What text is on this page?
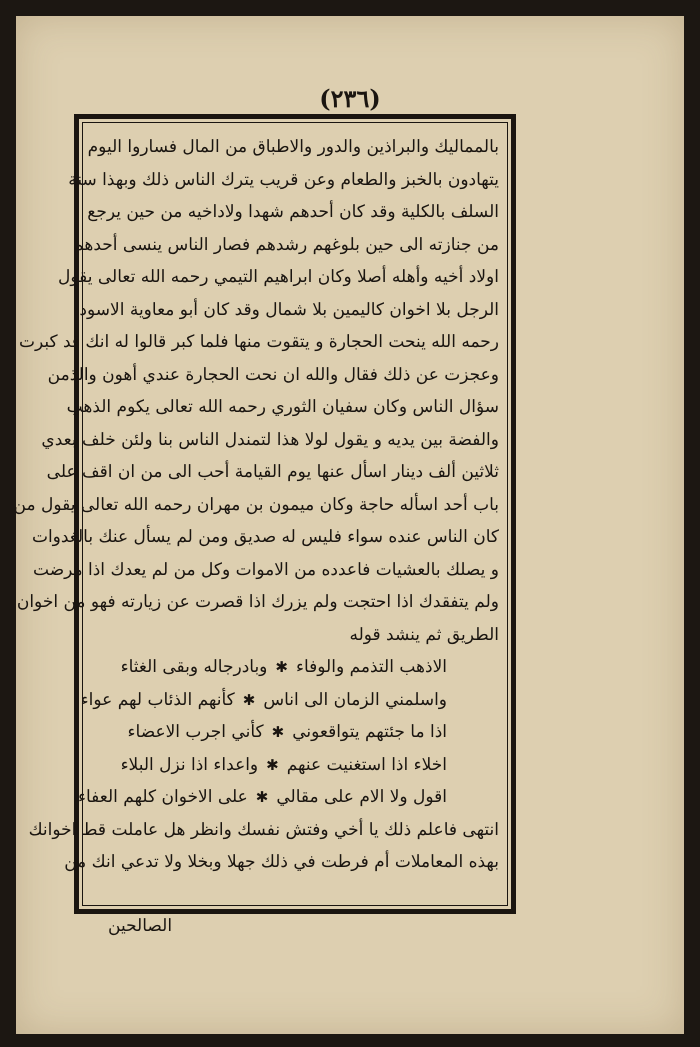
(٢٣٦)
بالمماليك والبراذين والدور والاطباق من المال فساروا اليوم
يتهادون بالخبز والطعام وعن قريب يترك الناس ذلك وبهذا سنة
السلف بالكلية وقد كان أحدهم شهدا ولاداخيه من حين يرجع
من جنازته الى حين بلوغهم رشدهم فصار الناس ينسى أحدهم
اولاد أخيه وأهله أصلا وكان ابراهيم التيمي رحمه الله تعالى يقول
الرجل بلا اخوان كاليمين بلا شمال وقد كان أبو معاوية الاسود
رحمه الله ينحت الحجارة و يتقوت منها فلما كبر قالوا له انك قد كبرت
وعجزت عن ذلك فقال والله ان نحت الحجارة عندي أهون والذمن
سؤال الناس وكان سفيان الثوري رحمه الله تعالى يكوم الذهب
والفضة بين يديه و يقول لولا هذا لتمندل الناس بنا ولئن خلف بعدي
ثلاثين ألف دينار اسأل عنها يوم القيامة أحب الى من ان اقف على
باب أحد اسأله حاجة وكان ميمون بن مهران رحمه الله تعالى يقول من
كان الناس عنده سواء فليس له صديق ومن لم يسأل عنك بالغدوات
و يصلك بالعشيات فاعدده من الاموات وكل من لم يعدك اذا مرضت
ولم يتفقدك اذا احتجت ولم يزرك اذا قصرت عن زيارته فهو من اخوان
الطريق ثم ينشد قوله
الاذهب التذمم والوفاء
✱
وبادرجاله وبقى الغثاء
واسلمني الزمان الى اناس
✱
كأنهم الذئاب لهم عواء
اذا ما جئتهم يتواقعوني
✱
كأني اجرب الاعضاء
اخلاء اذا استغنيت عنهم
✱
واعداء اذا نزل البلاء
اقول ولا الام على مقالي
✱
على الاخوان كلهم العفاء
انتهى فاعلم ذلك يا أخي وفتش نفسك وانظر هل عاملت قط اخوانك
بهذه المعاملات أم فرطت في ذلك جهلا وبخلا ولا تدعي انك من
الصالحين
